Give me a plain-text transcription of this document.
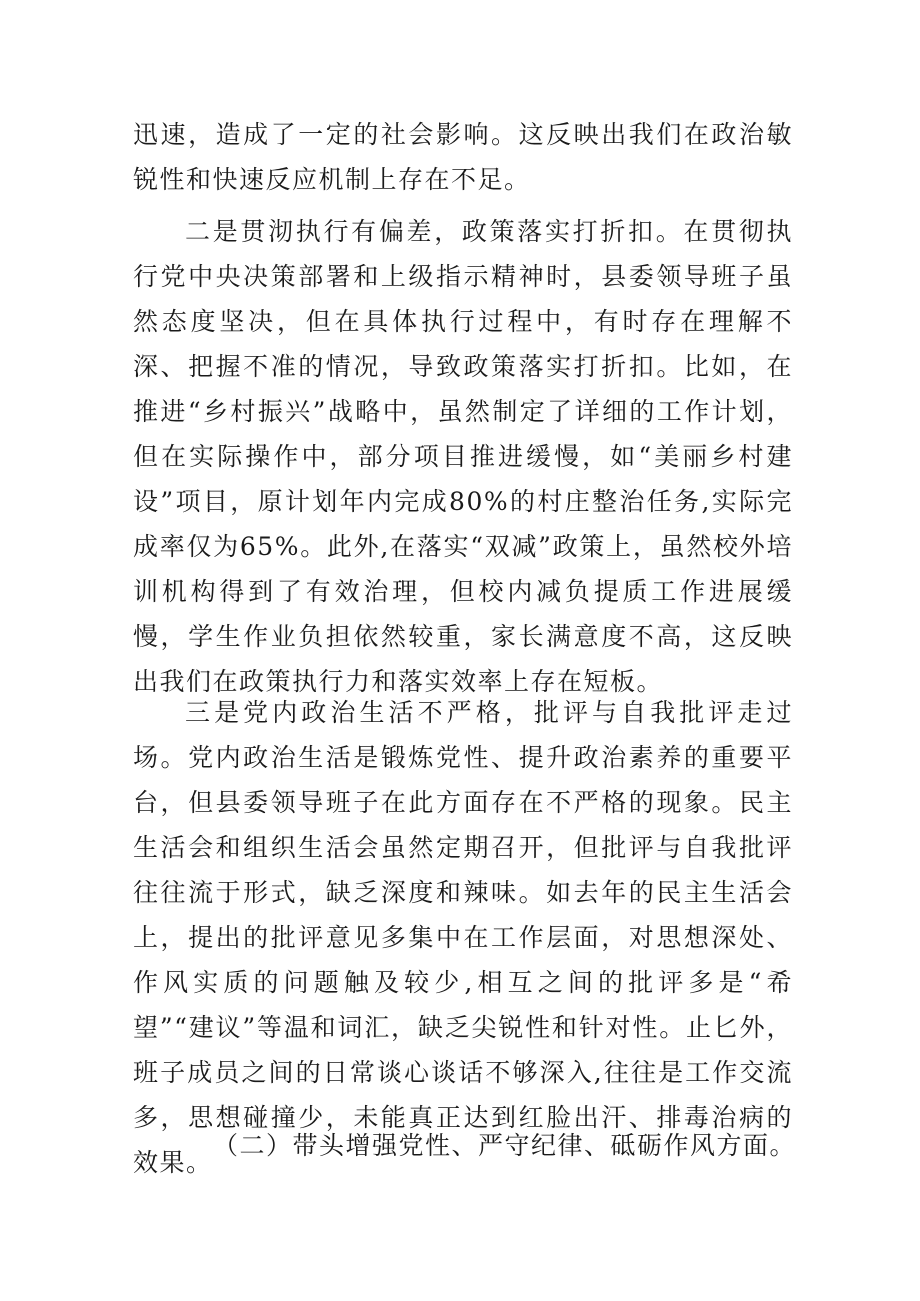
迅速，造成了一定的社会影响。这反映出我们在政治敏锐性和快速反应机制上存在不足。

二是贯沏执行有偏差，政策落实打折扣。在贯彻执行党中央决策部署和上级指示精神时，县委领导班子虽然态度坚决，但在具体执行过程中，有时存在理解不深、把握不准的情况，导致政策落实打折扣。比如，在推进“乡村振兴”战略中，虽然制定了详细的工作计划，但在实际操作中，部分项目推进缓慢，如“美丽乡村建设”项目，原计划年内完成80%的村庄整治任务,实际完成率仅为65%。此外,在落实“双减”政策上，虽然校外培训机构得到了有效治理，但校内减负提质工作进展缓慢，学生作业负担依然较重，家长满意度不高，这反映出我们在政策执行力和落实效率上存在短板。

三是党内政治生活不严格，批评与自我批评走过场。党内政治生活是锻炼党性、提升政治素养的重要平台，但县委领导班子在此方面存在不严格的现象。民主生活会和组织生活会虽然定期召开，但批评与自我批评往往流于形式，缺乏深度和辣味。如去年的民主生活会上，提出的批评意见多集中在工作层面，对思想深处、作风实质的问题触及较少,相互之间的批评多是“希望”“建议”等温和词汇，缺乏尖锐性和针对性。止匕外，班子成员之间的日常谈心谈话不够深入,往往是工作交流多，思想碰撞少，未能真正达到红脸出汗、排毒治病的效果。

（二）带头增强党性、严守纪律、砥砺作风方面。
